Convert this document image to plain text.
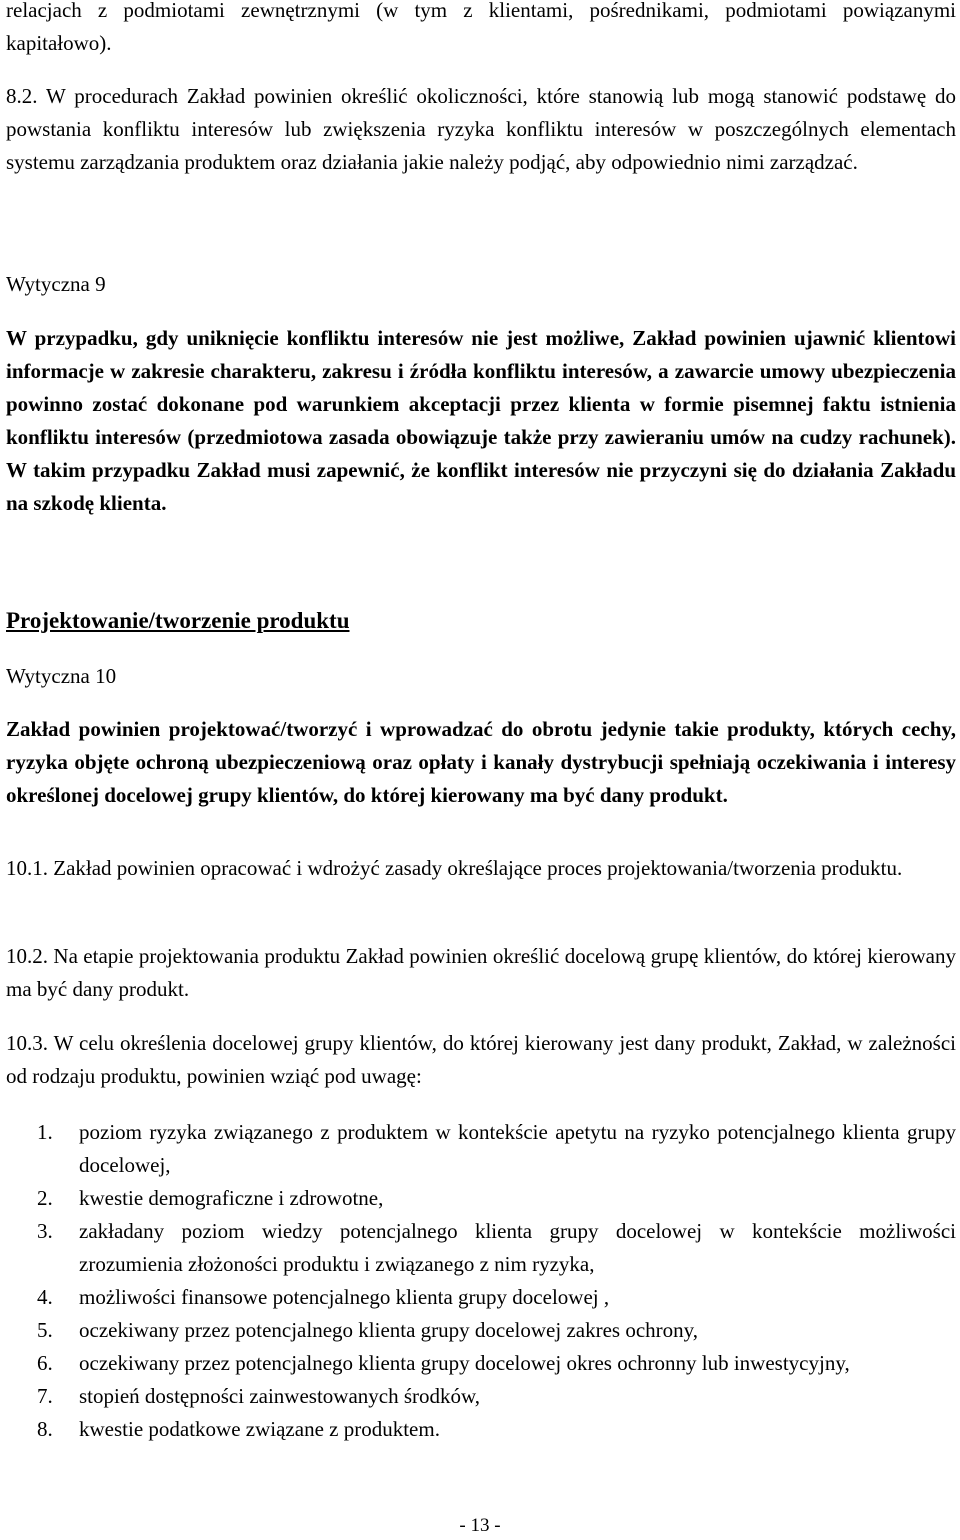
relacjach z podmiotami zewnętrznymi (w tym z klientami, pośrednikami, podmiotami powiązanymi kapitałowo).

8.2. W procedurach Zakład powinien określić okoliczności, które stanowią lub mogą stanowić podstawę do powstania konfliktu interesów lub zwiększenia ryzyka konfliktu interesów w poszczególnych elementach systemu zarządzania produktem oraz działania jakie należy podjąć, aby odpowiednio nimi zarządzać.

Wytyczna 9

W przypadku, gdy uniknięcie konfliktu interesów nie jest możliwe, Zakład powinien ujawnić klientowi informacje w zakresie charakteru, zakresu i źródła konfliktu interesów, a zawarcie umowy ubezpieczenia powinno zostać dokonane pod warunkiem akceptacji przez klienta w formie pisemnej faktu istnienia konfliktu interesów (przedmiotowa zasada obowiązuje także przy zawieraniu umów na cudzy rachunek). W takim przypadku Zakład musi zapewnić, że konflikt interesów nie przyczyni się do działania Zakładu na szkodę klienta.

Projektowanie/tworzenie produktu

Wytyczna 10

Zakład powinien projektować/tworzyć i wprowadzać do obrotu jedynie takie produkty, których cechy, ryzyka objęte ochroną ubezpieczeniową oraz opłaty i kanały dystrybucji spełniają oczekiwania i interesy określonej docelowej grupy klientów, do której kierowany ma być dany produkt.

10.1. Zakład powinien opracować i wdrożyć zasady określające proces projektowania/tworzenia produktu.

10.2. Na etapie projektowania produktu Zakład powinien określić docelową grupę klientów, do której kierowany ma być dany produkt.

10.3. W celu określenia docelowej grupy klientów, do której kierowany jest dany produkt, Zakład, w zależności od rodzaju produktu, powinien wziąć pod uwagę:

1. poziom ryzyka związanego z produktem w kontekście apetytu na ryzyko potencjalnego klienta grupy docelowej,
2. kwestie demograficzne i zdrowotne,
3. zakładany poziom wiedzy potencjalnego klienta grupy docelowej w kontekście możliwości zrozumienia złożoności produktu i związanego z nim ryzyka,
4. możliwości finansowe potencjalnego klienta grupy docelowej ,
5. oczekiwany przez potencjalnego klienta grupy docelowej zakres ochrony,
6. oczekiwany przez potencjalnego klienta grupy docelowej okres ochronny lub inwestycyjny,
7. stopień dostępności zainwestowanych środków,
8. kwestie podatkowe związane z produktem.
- 13 -
